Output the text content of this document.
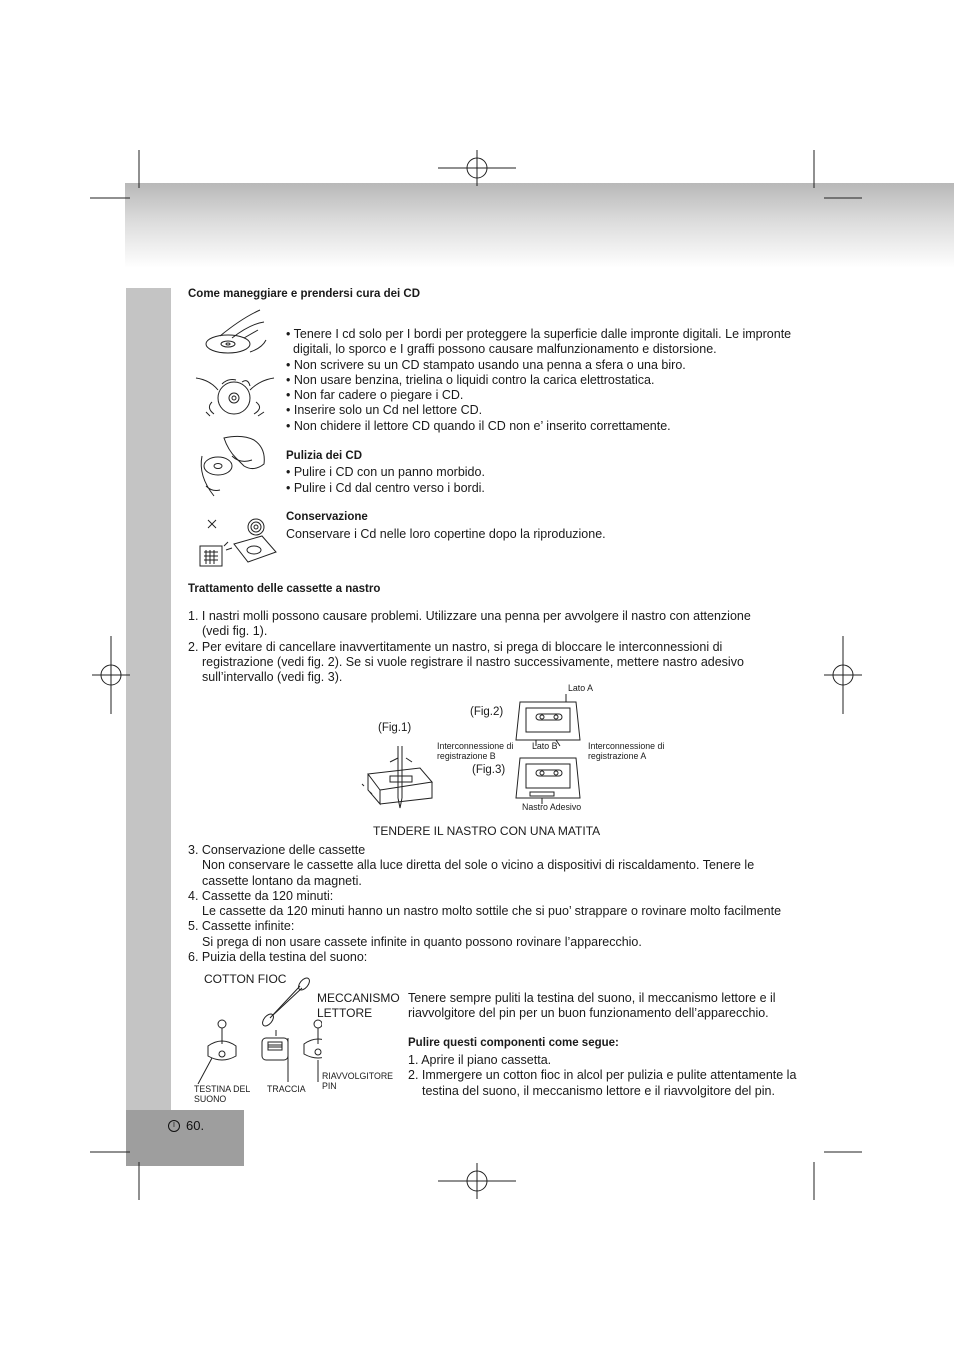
I 60.
Come maneggiare e prendersi cura dei CD
• Tenere I cd solo per I bordi per proteggere la superficie dalle impronte digitali. Le impronte
digitali, lo sporco e I graffi possono causare malfunzionamento e distorsione.
• Non scrivere su un CD stampato usando una penna a sfera o una biro.
• Non usare benzina, trielina o liquidi contro la carica elettrostatica.
• Non far cadere o piegare i CD.
• Inserire solo un Cd nel lettore CD.
• Non chidere il lettore CD quando il CD non e’ inserito correttamente.
Pulizia dei CD
• Pulire i CD con un panno morbido.
• Pulire i Cd dal centro verso i bordi.
Conservazione
Conservare i Cd nelle loro copertine dopo la riproduzione.
Trattamento delle cassette a nastro
1. I nastri molli possono causare problemi. Utilizzare una penna per avvolgere il nastro con attenzione
(vedi fig. 1).
2. Per evitare di cancellare inavvertitamente un nastro, si prega di bloccare le interconnessioni di
registrazione (vedi fig. 2). Se si vuole registrare il nastro successivamente, mettere nastro adesivo
sull’intervallo (vedi fig. 3).
Lato A
(Fig.2)
(Fig.1)
Interconnessione di
registrazione B
Lato B	Interconnessione di
registrazione A
(Fig.3)
Nastro Adesivo
TENDERE IL NASTRO CON UNA MATITA
3. Conservazione delle cassette
Non conservare le cassette alla luce diretta del sole o vicino a dispositivi di riscaldamento. Tenere le
cassette lontano da magneti.
4. Cassette da 120 minuti:
Le cassette da 120 minuti hanno un nastro molto sottile che si puo’ strappare o rovinare molto facilmente
5. Cassette infinite:
Si prega di non usare cassete infinite in quanto possono rovinare l’apparecchio.
6. Puizia della testina del suono:
COTTON FIOC
MECCANISMO
LETTORE
TESTINA DEL
SUONO
TRACCIA
RIAVVOLGITORE
PIN
Tenere sempre puliti la testina del suono, il meccanismo lettore e il
riavvolgitore del pin per un buon funzionamento dell’apparecchio.
Pulire questi componenti come segue:
1. Aprire il piano cassetta.
2. Immergere un cotton fioc in alcol per pulizia e pulite attentamente la
testina del suono, il meccanismo lettore e il riavvolgitore del pin.
